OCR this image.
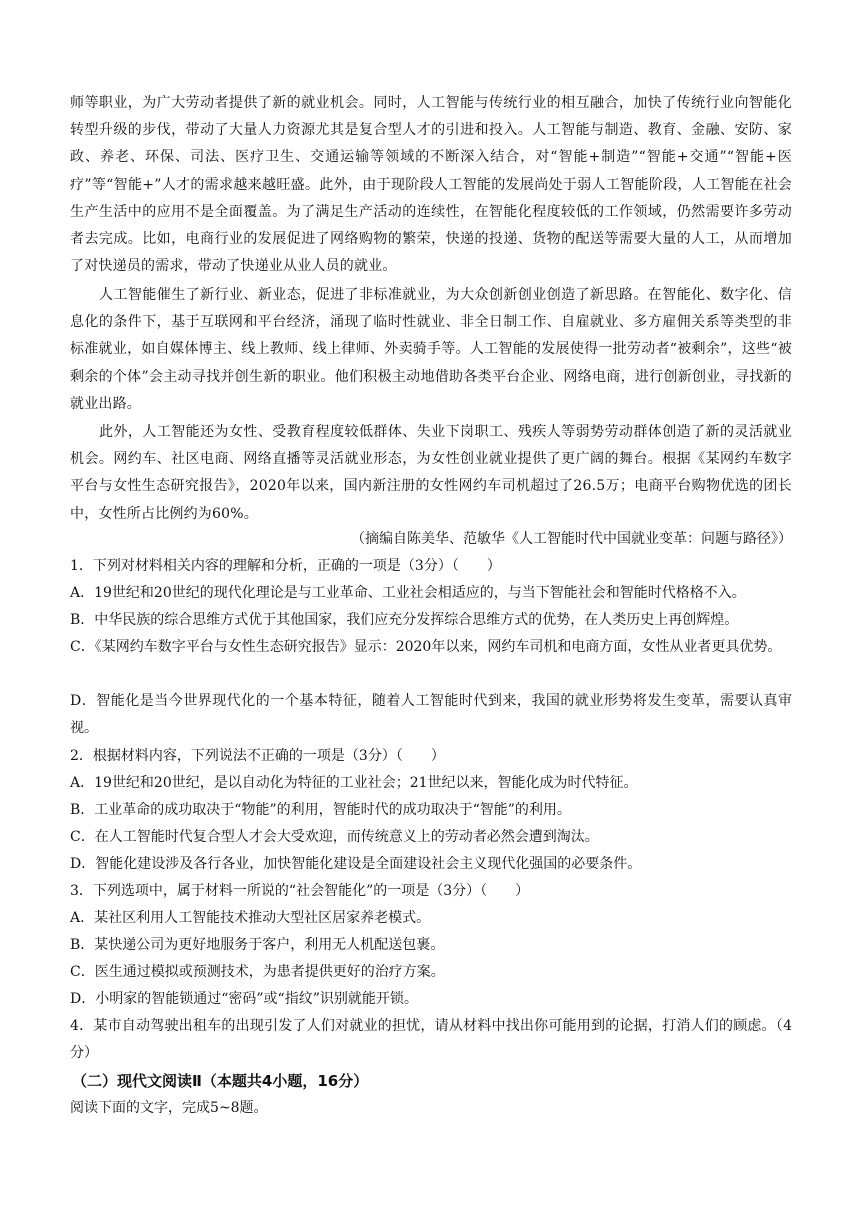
师等职业，为广大劳动者提供了新的就业机会。同时，人工智能与传统行业的相互融合，加快了传统行业向智能化转型升级的步伐，带动了大量人力资源尤其是复合型人才的引进和投入。人工智能与制造、教育、金融、安防、家政、养老、环保、司法、医疗卫生、交通运输等领域的不断深入结合，对“智能+制造”“智能+交通”“智能+医疗”等“智能+”人才的需求越来越旺盛。此外，由于现阶段人工智能的发展尚处于弱人工智能阶段，人工智能在社会生产生活中的应用不是全面覆盖。为了满足生产活动的连续性，在智能化程度较低的工作领域，仍然需要许多劳动者去完成。比如，电商行业的发展促进了网络购物的繁荣，快递的投递、货物的配送等需要大量的人工，从而增加了对快递员的需求，带动了快递业从业人员的就业。

人工智能催生了新行业、新业态，促进了非标准就业，为大众创新创业创造了新思路。在智能化、数字化、信息化的条件下，基于互联网和平台经济，涌现了临时性就业、非全日制工作、自雇就业、多方雇佣关系等类型的非标准就业，如自媒体博主、线上教师、线上律师、外卖骑手等。人工智能的发展使得一批劳动者“被剩余”，这些“被剩余的个体”会主动寻找并创生新的职业。他们积极主动地借助各类平台企业、网络电商，进行创新创业，寻找新的就业出路。

此外，人工智能还为女性、受教育程度较低群体、失业下岗职工、残疾人等弱势劳动群体创造了新的灵活就业机会。网约车、社区电商、网络直播等灵活就业形态，为女性创业就业提供了更广阔的舞台。根据《某网约车数字平台与女性生态研究报告》，2020年以来，国内新注册的女性网约车司机超过了26.5万；电商平台购物优选的团长中，女性所占比例约为60%。

（摘编自陈美华、范敏华《人工智能时代中国就业变革：问题与路径》）

1．下列对材料相关内容的理解和分析，正确的一项是（3分）（　　）

A．19世纪和20世纪的现代化理论是与工业革命、工业社会相适应的，与当下智能社会和智能时代格格不入。

B．中华民族的综合思维方式优于其他国家，我们应充分发挥综合思维方式的优势，在人类历史上再创辉煌。

C．《某网约车数字平台与女性生态研究报告》显示：2020年以来，网约车司机和电商方面，女性从业者更具优势。

D．智能化是当今世界现代化的一个基本特征，随着人工智能时代到来，我国的就业形势将发生变革，需要认真审视。

2．根据材料内容，下列说法不正确的一项是（3分）（　　）

A．19世纪和20世纪，是以自动化为特征的工业社会；21世纪以来，智能化成为时代特征。

B．工业革命的成功取决于“物能”的利用，智能时代的成功取决于“智能”的利用。

C．在人工智能时代复合型人才会大受欢迎，而传统意义上的劳动者必然会遭到淘汰。

D．智能化建设涉及各行各业，加快智能化建设是全面建设社会主义现代化强国的必要条件。

3．下列选项中，属于材料一所说的“社会智能化”的一项是（3分）（　　）

A．某社区利用人工智能技术推动大型社区居家养老模式。

B．某快递公司为更好地服务于客户，利用无人机配送包裹。

C．医生通过模拟或预测技术，为患者提供更好的治疗方案。

D．小明家的智能锁通过“密码”或“指纹”识别就能开锁。

4．某市自动驾驶出租车的出现引发了人们对就业的担忧，请从材料中找出你可能用到的论据，打消人们的顾虑。（4分）

（二）现代文阅读Ⅱ（本题共4小题，16分）

阅读下面的文字，完成5~8题。
